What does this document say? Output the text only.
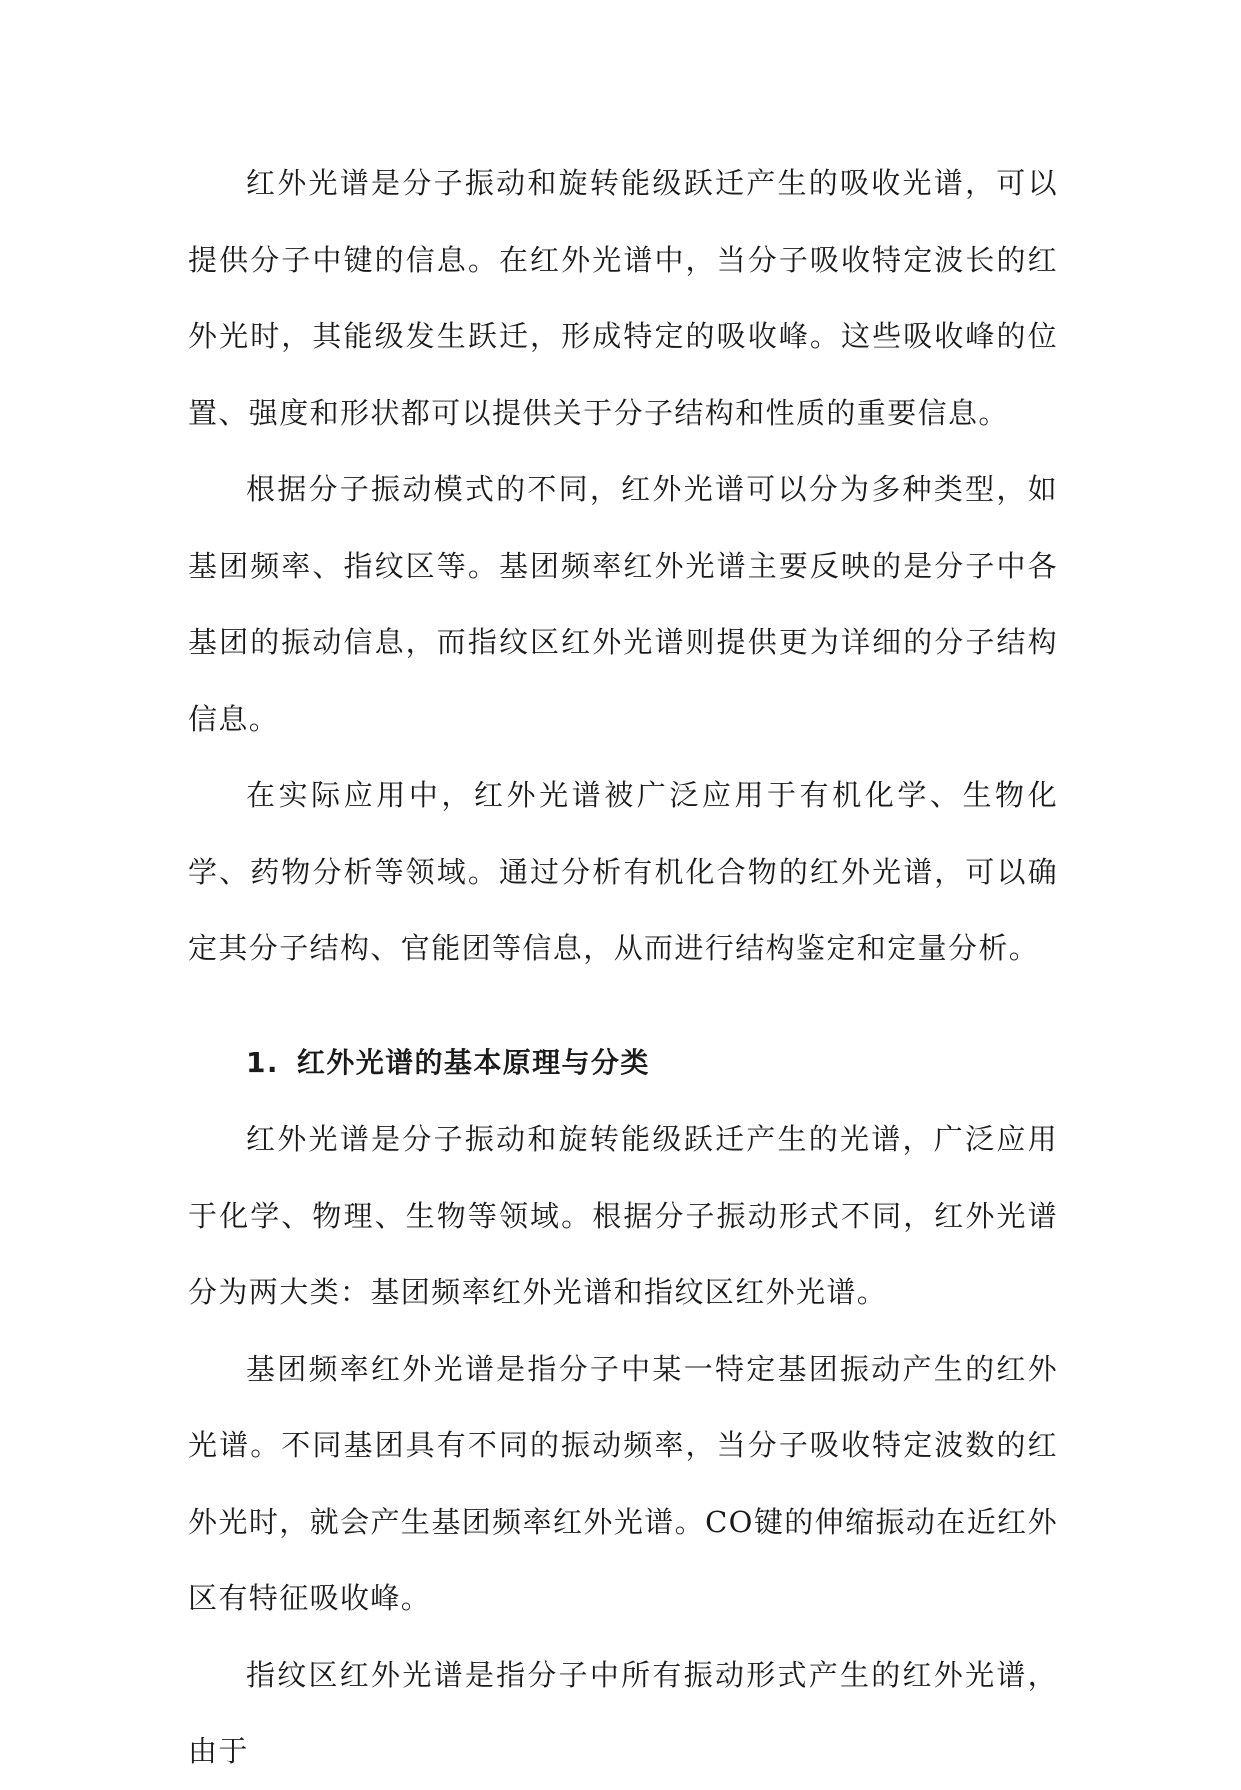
红外光谱是分子振动和旋转能级跃迁产生的吸收光谱，可以提供分子中键的信息。在红外光谱中，当分子吸收特定波长的红外光时，其能级发生跃迁，形成特定的吸收峰。这些吸收峰的位置、强度和形状都可以提供关于分子结构和性质的重要信息。

根据分子振动模式的不同，红外光谱可以分为多种类型，如基团频率、指纹区等。基团频率红外光谱主要反映的是分子中各基团的振动信息，而指纹区红外光谱则提供更为详细的分子结构信息。

在实际应用中，红外光谱被广泛应用于有机化学、生物化学、药物分析等领域。通过分析有机化合物的红外光谱，可以确定其分子结构、官能团等信息，从而进行结构鉴定和定量分析。

1. 红外光谱的基本原理与分类

红外光谱是分子振动和旋转能级跃迁产生的光谱，广泛应用于化学、物理、生物等领域。根据分子振动形式不同，红外光谱分为两大类：基团频率红外光谱和指纹区红外光谱。

基团频率红外光谱是指分子中某一特定基团振动产生的红外光谱。不同基团具有不同的振动频率，当分子吸收特定波数的红外光时，就会产生基团频率红外光谱。CO键的伸缩振动在近红外区有特征吸收峰。

指纹区红外光谱是指分子中所有振动形式产生的红外光谱，由于
